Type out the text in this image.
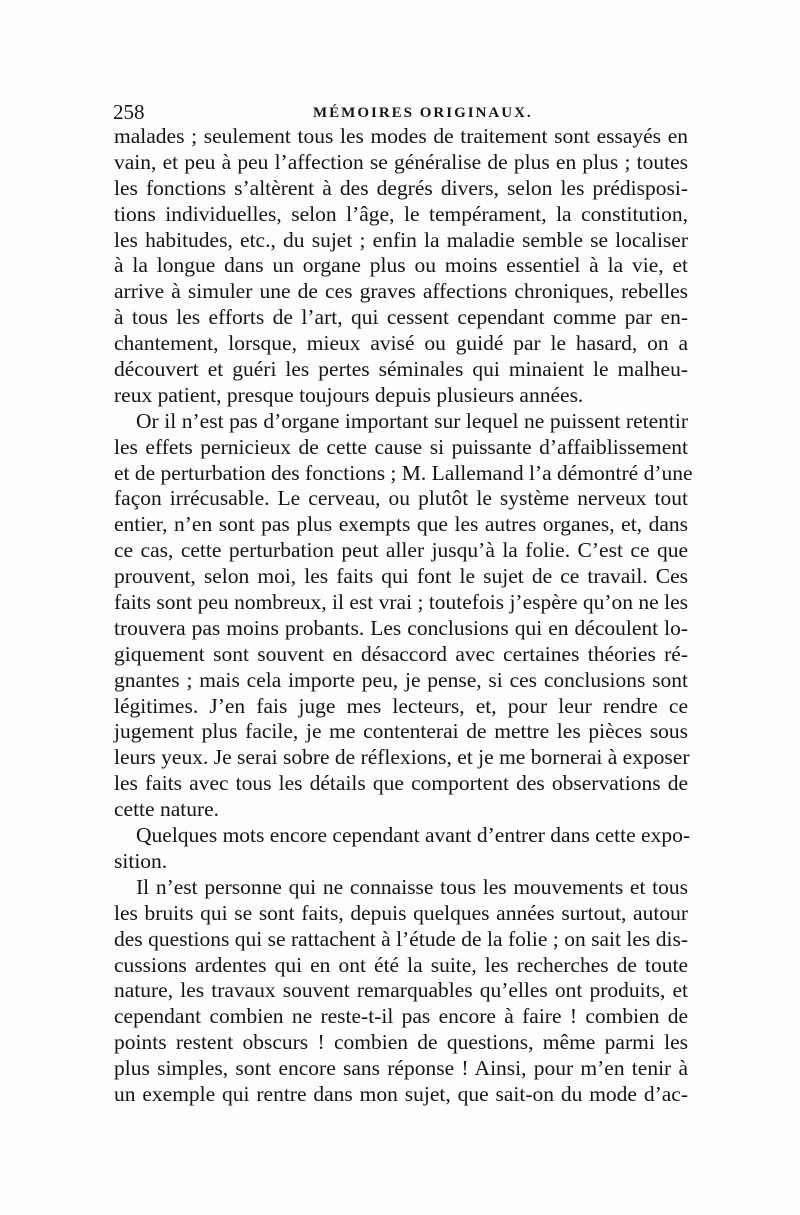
258	MÉMOIRES ORIGINAUX.
malades ; seulement tous les modes de traitement sont essayés en
vain, et peu à peu l’affection se généralise de plus en plus ; toutes
les fonctions s’altèrent à des degrés divers, selon les prédisposi-
tions individuelles, selon l’âge, le tempérament, la constitution,
les habitudes, etc., du sujet ; enfin la maladie semble se localiser
à la longue dans un organe plus ou moins essentiel à la vie, et
arrive à simuler une de ces graves affections chroniques, rebelles
à tous les efforts de l’art, qui cessent cependant comme par en-
chantement, lorsque, mieux avisé ou guidé par le hasard, on a
découvert et guéri les pertes séminales qui minaient le malheu-
reux patient, presque toujours depuis plusieurs années.
Or il n’est pas d’organe important sur lequel ne puissent retentir
les effets pernicieux de cette cause si puissante d’affaiblissement
et de perturbation des fonctions ; M. Lallemand l’a démontré d’une
façon irrécusable. Le cerveau, ou plutôt le système nerveux tout
entier, n’en sont pas plus exempts que les autres organes, et, dans
ce cas, cette perturbation peut aller jusqu’à la folie. C’est ce que
prouvent, selon moi, les faits qui font le sujet de ce travail. Ces
faits sont peu nombreux, il est vrai ; toutefois j’espère qu’on ne les
trouvera pas moins probants. Les conclusions qui en découlent lo-
giquement sont souvent en désaccord avec certaines théories ré-
gnantes ; mais cela importe peu, je pense, si ces conclusions sont
légitimes. J’en fais juge mes lecteurs, et, pour leur rendre ce
jugement plus facile, je me contenterai de mettre les pièces sous
leurs yeux. Je serai sobre de réflexions, et je me bornerai à exposer
les faits avec tous les détails que comportent des observations de
cette nature.
Quelques mots encore cependant avant d’entrer dans cette expo-
sition.
Il n’est personne qui ne connaisse tous les mouvements et tous
les bruits qui se sont faits, depuis quelques années surtout, autour
des questions qui se rattachent à l’étude de la folie ; on sait les dis-
cussions ardentes qui en ont été la suite, les recherches de toute
nature, les travaux souvent remarquables qu’elles ont produits, et
cependant combien ne reste-t-il pas encore à faire ! combien de
points restent obscurs ! combien de questions, même parmi les
plus simples, sont encore sans réponse ! Ainsi, pour m’en tenir à
un exemple qui rentre dans mon sujet, que sait-on du mode d’ac-
